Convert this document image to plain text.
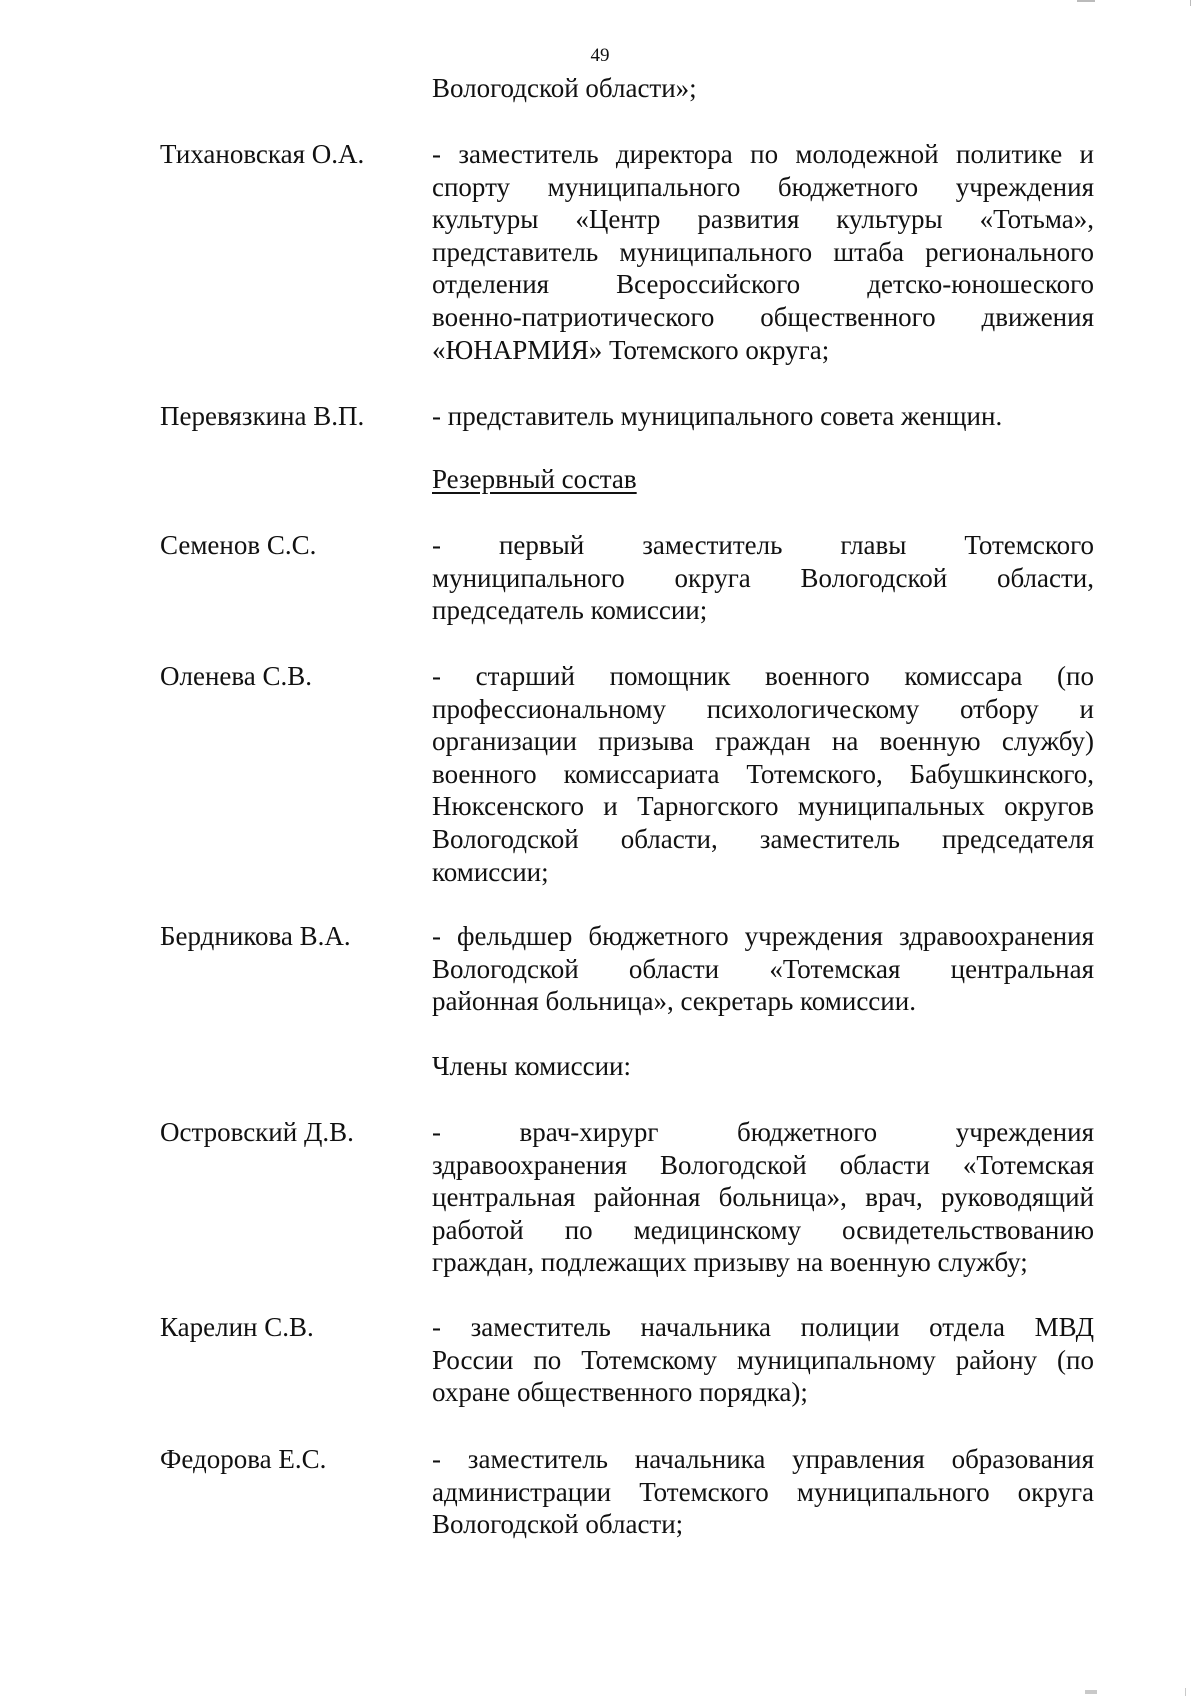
49
Вологодской области»;
Тихановская О.А.	- заместитель директора по молодежной политике и
спорту муниципального бюджетного учреждения
культуры «Центр развития культуры «Тотьма»,
представитель муниципального штаба регионального
отделения Всероссийского детско-юношеского
военно-патриотического общественного движения
«ЮНАРМИЯ» Тотемского округа;
Перевязкина В.П.	- представитель муниципального совета женщин.
Резервный состав
Семенов С.С.	- первый заместитель главы Тотемского
муниципального округа Вологодской области,
председатель комиссии;
Оленева С.В.	- старший помощник военного комиссара (по
профессиональному психологическому отбору и
организации призыва граждан на военную службу)
военного комиссариата Тотемского, Бабушкинского,
Нюксенского и Тарногского муниципальных округов
Вологодской области, заместитель председателя
комиссии;
Бердникова В.А.	- фельдшер бюджетного учреждения здравоохранения
Вологодской области «Тотемская центральная
районная больница», секретарь комиссии.
Члены комиссии:
Островский Д.В.	- врач-хирург бюджетного учреждения
здравоохранения Вологодской области «Тотемская
центральная районная больница», врач, руководящий
работой по медицинскому освидетельствованию
граждан, подлежащих призыву на военную службу;
Карелин С.В.	- заместитель начальника полиции отдела МВД
России по Тотемскому муниципальному району (по
охране общественного порядка);
Федорова Е.С.	- заместитель начальника управления образования
администрации Тотемского муниципального округа
Вологодской области;
